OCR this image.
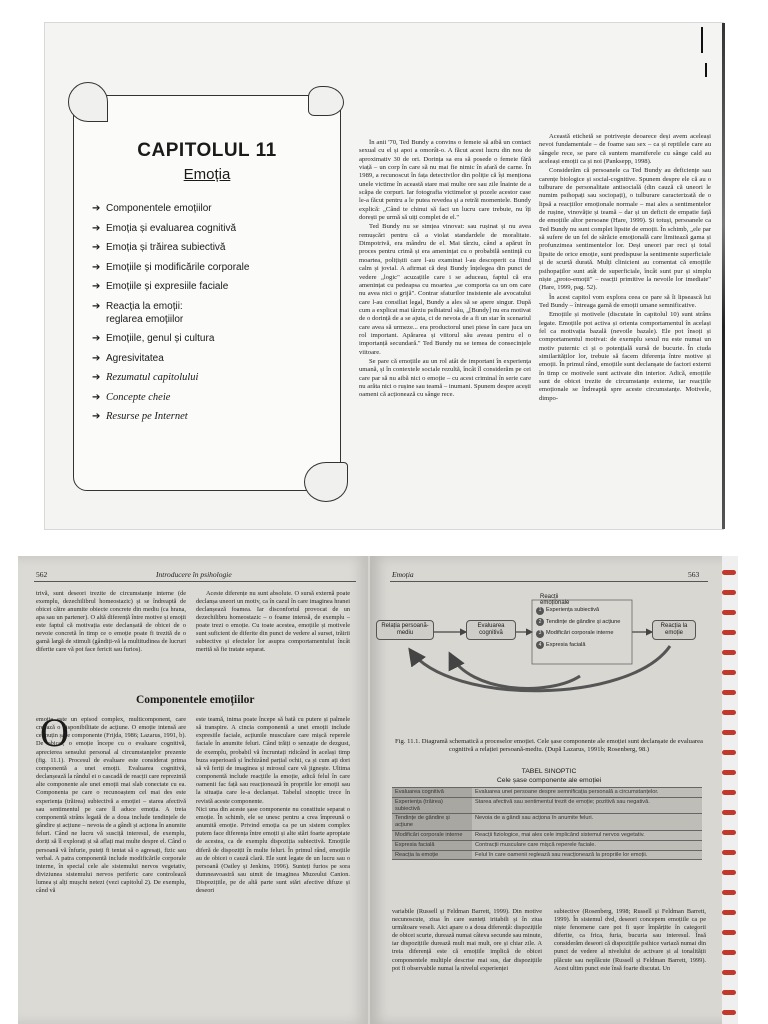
CAPITOLUL 11
Emoția
➔ Componentele emoțiilor
➔ Emoția și evaluarea cognitivă
➔ Emoția și trăirea subiectivă
➔ Emoțiile și modificările corporale
➔ Emoțiile și expresiile faciale
➔ Reacția la emoții:
reglarea emoțiilor
➔ Emoțiile, genul și cultura
➔ Agresivitatea
➔ Rezumatul capitolului
➔ Concepte cheie
➔ Resurse pe Internet

În anii '70, Ted Bundy a convins o femeie să aibă un contact sexual cu el și apoi a omorât-o. A făcut acest lucru din nou de aproximativ 30 de ori. Dorința sa era să posede o femeie fără viață – un corp în care să nu mai fie nimic în afară de carne. În 1989, a recunoscut în fața detectivilor din poliție că își menționa unele victime în această stare mai multe ore sau zile înainte de a scăpa de corpuri. Iar fotografia victimelor și pozele acestor case le-a făcut pentru a le putea revedea și a retrăi momentele. Bundy explică: „Când te chinui să faci un lucru care trebuie, nu îți dorești pe urmă să uiți complet de el."

Ted Bundy nu se simțea vinovat: sau rușinat și nu avea remușcări pentru că a violat standardele de moralitate. Dimpotrivă, era mândru de el. Mai târziu, când a apărut în proces pentru crimă și era amenințat cu o probabilă sentință cu moartea, polițiștii care l-au examinat l-au descoperit ca fiind calm și jovial. A afirmat că deși Bundy înțelegea din punct de vedere „logic" acuzațiile care i se aduceau, faptul că era amenințat cu pedeapsa cu moartea „se comporta ca un om care nu avea nici o grijă". Contrar sfaturilor insistente ale avocatului care l-au consiliat legal, Bundy a ales să se apere singur. După cum a explicat mai târziu psihiatrul său, „[Bundy] nu era motivat de o dorință de a se ajuta, ci de nevoia de a fi un star în scenariul care avea să urmeze... era productorul unei piese în care juca un rol important. Apărarea și viitorul său aveau pentru el o importanță secundară." Ted Bundy nu se temea de consecințele viitoare.

Se pare că emoțiile au un rol atât de important în experiența umană, și în contextele sociale rezultă, încât îl considerăm pe cei care par să nu aibă nici o emoție – cu acest criminal în serie care nu arăta nici o rușine sau teamă – inumani. Spunem despre acești oameni că acționează cu sânge rece.

Această etichetă se potrivește deoarece deși avem aceleași nevoi fundamentale – de foame sau sex – ca și reptilele care au sângele rece, se pare că suntem mamiferele cu sânge cald au aceleași emoții ca și noi (Panksepp, 1998).

Considerăm că persoanele ca Ted Bundy au deficiențe sau carențe biologice și social-cognitive. Spunem despre ele că au o tulburare de personalitate antisocială (din cauză că uneori le numim psihopați sau sociopați), o tulburare caracterizată de o lipsă a reacțiilor emoționale normale – mai ales a sentimentelor de rușine, vinovăție și teamă – dar și un deficit de empatie față de emoțiile altor persoane (Hare, 1999). Și totuși, persoanele ca Ted Bundy nu sunt complet lipsite de emoții. În schimb, „ele par să sufere de un fel de sărăcie emoțională care limitează gama și profunzimea sentimentelor lor. Deși uneori par reci și total lipsite de orice emoție, sunt predispuse la sentimente superficiale și de scurtă durată. Mulți clinicieni au comentat că emoțiile psihopaților sunt atât de superficiale, încât sunt pur și simplu niște „proto-emoții" – reacții primitive la nevoile lor imediate" (Hare, 1999, pag. 52).

În acest capitol vom explora ceea ce pare să îi lipsească lui Ted Bundy – întreaga gamă de emoții umane semnificative.

Emoțiile și motivele (discutate în capitolul 10) sunt strâns legate. Emoțiile pot activa și orienta comportamentul în același fel ca motivația bazală (nevoile bazale). Ele pot însoți și comportamentul motivat: de exemplu sexul nu este numai un motiv puternic ci și o potențială sursă de bucurie. În ciuda similarităților lor, trebuie să facem diferența între motive și emoții. În primul rând, emoțiile sunt declanșate de factori externi în timp ce motivele sunt activate din interior. Adică, emoțiile sunt de obicei trezite de circumstanțe externe, iar reacțiile emoționale se îndreaptă spre aceste circumstanțe. Motivele, dimpo-

562	Introducere în psihologie

trivă, sunt deseori trezite de circumstanțe interne (de exemplu, dezechilibrul homeostazic) și se îndreaptă de obicei către anumite obiecte concrete din mediu (ca hrana, apa sau un partener). O altă diferență între motive și emoții este faptul că motivația este declanșată de obicei de o nevoie concretă în timp ce o emoție poate fi trezită de o gamă largă de stimuli (gândiți-vă la multitudinea de lucruri diferite care vă pot face fericit sau furios).

Aceste diferențe nu sunt absolute. O sursă externă poate declanșa uneori un motiv, ca în cazul în care imaginea hranei declanșează foamea. Iar disconfortul provocat de un dezechilibru homeostazic – o foame intensă, de exemplu – poate trezi o emoție. Cu toate acestea, emoțiile și motivele sunt suficient de diferite din punct de vedere al sursei, trăirii subiective și efectelor lor asupra comportamentului încât merită să fie tratate separat.

Componentele emoțiilor
O

emoție este un episod complex, multicomponent, care creează o disponibilitate de acțiune. O emoție intensă are cel puțin șase componente (Frijda, 1986; Lazarus, 1991, b). De obicei, o emoție începe cu o evaluare cognitivă, aprecierea sensului personal al circumstanțelor prezente (fig. 11.1). Procesul de evaluare este considerat prima componentă a unei emoții. Evaluarea cognitivă, declanșează la rândul ei o cascadă de reacții care reprezintă alte componente ale unei emoții mai slab conectate cu ea. Componenta pe care o recunoaștem cel mai des este experiența (trăirea) subiectivă a emoției – starea afectivă sau sentimentul pe care îl aduce emoția. A treia componentă strâns legată de a doua include tendințele de gândire și acțiune – nevoia de a gândi și acționa în anumite feluri. Când ne lucru vă susciță interesul, de exemplu, doriți să îl explorați și să aflați mai multe despre el. Când o persoană vă înfurie, puteți fi tentat să o agresați, fizic sau verbal. A patra componentă include modificările corporale interne, în special cele ale sistemului nervos vegetativ, diviziunea sistemului nervos periferic care controlează lumea și alți mușchi netezi (vezi capitolul 2). De exemplu, când vă

este teamă, inima poate începe să bată cu putere și palmele să transpire. A cincia componentă a unei emoții include expresiile faciale, acțiunile musculare care mișcă reperele faciale în anumite feluri. Când trăiți o senzație de dezgust, de exemplu, probabil vă încruntați ridicând în același timp buza superioară și închizând parțial ochii, ca și cum ați dori să vă feriți de imaginea și mirosul care vă jignește. Ultima componentă include reacțiile la emoție, adică felul în care oamenii fac față sau reacționează în propriile lor emoții sau la situația care le-a declanșat. Tabelul sinoptic trece în revistă aceste componente.
Nici una din aceste șase componente nu constituie separat o emoție. În schimb, ele se unesc pentru a crea împreună o anumită emoție. Privind emoția ca pe un sistem complex putem face diferența între emoții și alte stări foarte apropiate de acestea, ca de exemplu dispoziția subiectivă. Emoțiile diferă de dispoziții în multe feluri. În primul rând, emoțiile au de obicei o cauză clară. Ele sunt legate de un lucru sau o persoană (Oatley și Jenkins, 1996). Sunteți furios pe sora dumneavoastră sau uimit de imaginea Muzeului Canion. Dispozițiile, pe de altă parte sunt stări afective difuze și deseori

Emoția	563
Fig. 11.1. Diagramă schematică a proceselor emoției. Cele șase componente ale emoției sunt declanșate de evaluarea cognitivă a relației persoană-mediu. (După Lazarus, 1991b; Rosenberg, 98.)
TABEL SINOPTIC
Cele șase componente ale emoției
Evaluarea cognitivă	Evaluarea unei persoane despre semnificația personală a circumstanțelor.
Experiența (trăirea) subiectivă	Starea afectivă sau sentimentul trezit de emoție; pozitivă sau negativă.
Tendințe de gândire și acțiune	Nevoia de a gândi sau acționa în anumite feluri.
Modificări corporale interne	Reacții fiziologice, mai ales cele implicând sistemul nervos vegetativ.
Expresia facială	Contracții musculare care mișcă reperele faciale.
Reacția la emoție	Felul în care oamenii reglează sau reacționează la propriile lor emoții.

variabile (Russell și Feldman Barrett, 1999). Din motive necunoscute, ziua în care sunteți iritabili și în ziua următoare veseli. Aici apare o a doua diferență: dispozițiile de obicei scurte, durează numai câteva secunde sau minute, iar dispozițiile durează mult mai mult, ore și chiar zile. A treia diferență este că emoțiile implică de obicei componentele multiple descrise mai sus, dar dispozițiile pot fi observabile numai la nivelul experienței

subiective (Rosenberg, 1998; Russell și Feldman Barrett, 1999). În sistemul dvd, deseori concepem emoțiile ca pe niște fenomene care pot fi ușor împărțite în categorii diferite, ca frica, furia, bucuria sau interesul. Însă considerăm deseori că dispozițiile psihice variază numai din punct de vedere al nivelului de activare și al tonalității plăcute sau neplăcute (Russell și Feldman Barrett, 1999). Acest ultim punct este însă foarte discutat. Un

Relația persoană-mediu
Evaluarea cognitivă
Reacția la emoție
Reacții emoționale
1 Experiența subiectivă
2 Tendințe de gândire și acțiune
3 Modificări corporale interne
4 Expresia facială
